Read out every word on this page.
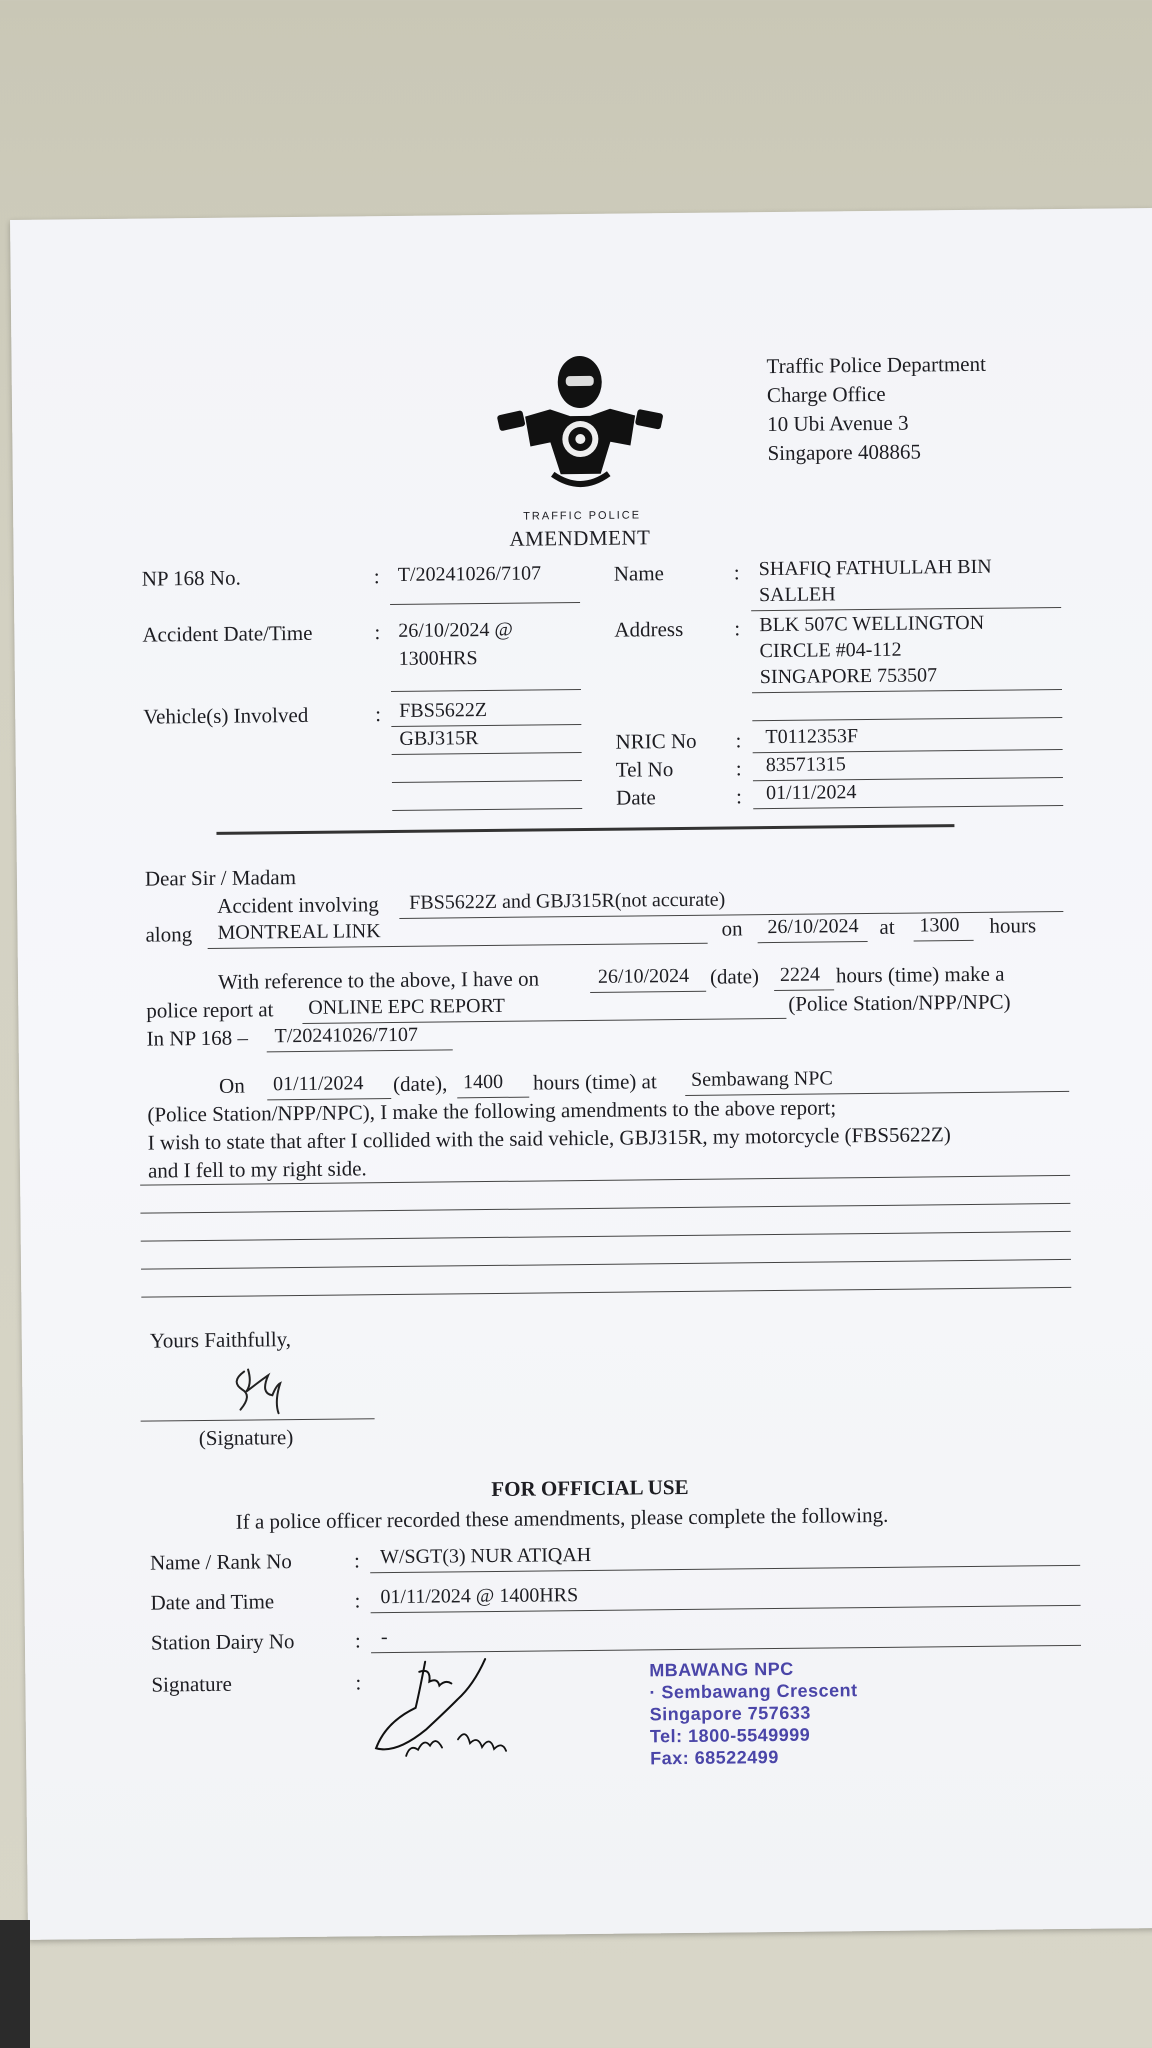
Traffic Police Department
Charge Office
10 Ubi Avenue 3
Singapore 408865
TRAFFIC POLICE
AMENDMENT
NP 168 No.	: T/20241026/7107
Accident Date/Time	: 26/10/2024 @
1300HRS
Vehicle(s) Involved	: FBS5622Z
GBJ315R
Name	: SHAFIQ FATHULLAH BIN
SALLEH
Address : BLK 507C WELLINGTON
CIRCLE #04-112
SINGAPORE 753507
NRIC No : T0112353F
Tel No	: 83571315
Date	: 01/11/2024
Dear Sir / Madam
Accident involving FBS5622Z and GBJ315R(not accurate)
along MONTREAL LINK	on 26/10/2024 at 1300 hours
With reference to the above, I have on	26/10/2024 (date) 2224 hours (time) make a
police report at ONLINE EPC REPORT	(Police Station/NPP/NPC)
In NP 168 – T/20241026/7107
On 01/11/2024 (date), 1400 hours (time) at Sembawang NPC
(Police Station/NPP/NPC), I make the following amendments to the above report;
I wish to state that after I collided with the said vehicle, GBJ315R, my motorcycle (FBS5622Z)
and I fell to my right side.
Yours Faithfully,
(Signature)
FOR OFFICIAL USE
If a police officer recorded these amendments, please complete the following.
Name / Rank No	: W/SGT(3) NUR ATIQAH
Date and Time	: 01/11/2024 @ 1400HRS
Station Dairy No	: -
Signature	:
MBAWANG NPC
· Sembawang Crescent
Singapore 757633
Tel: 1800-5549999
Fax: 68522499
